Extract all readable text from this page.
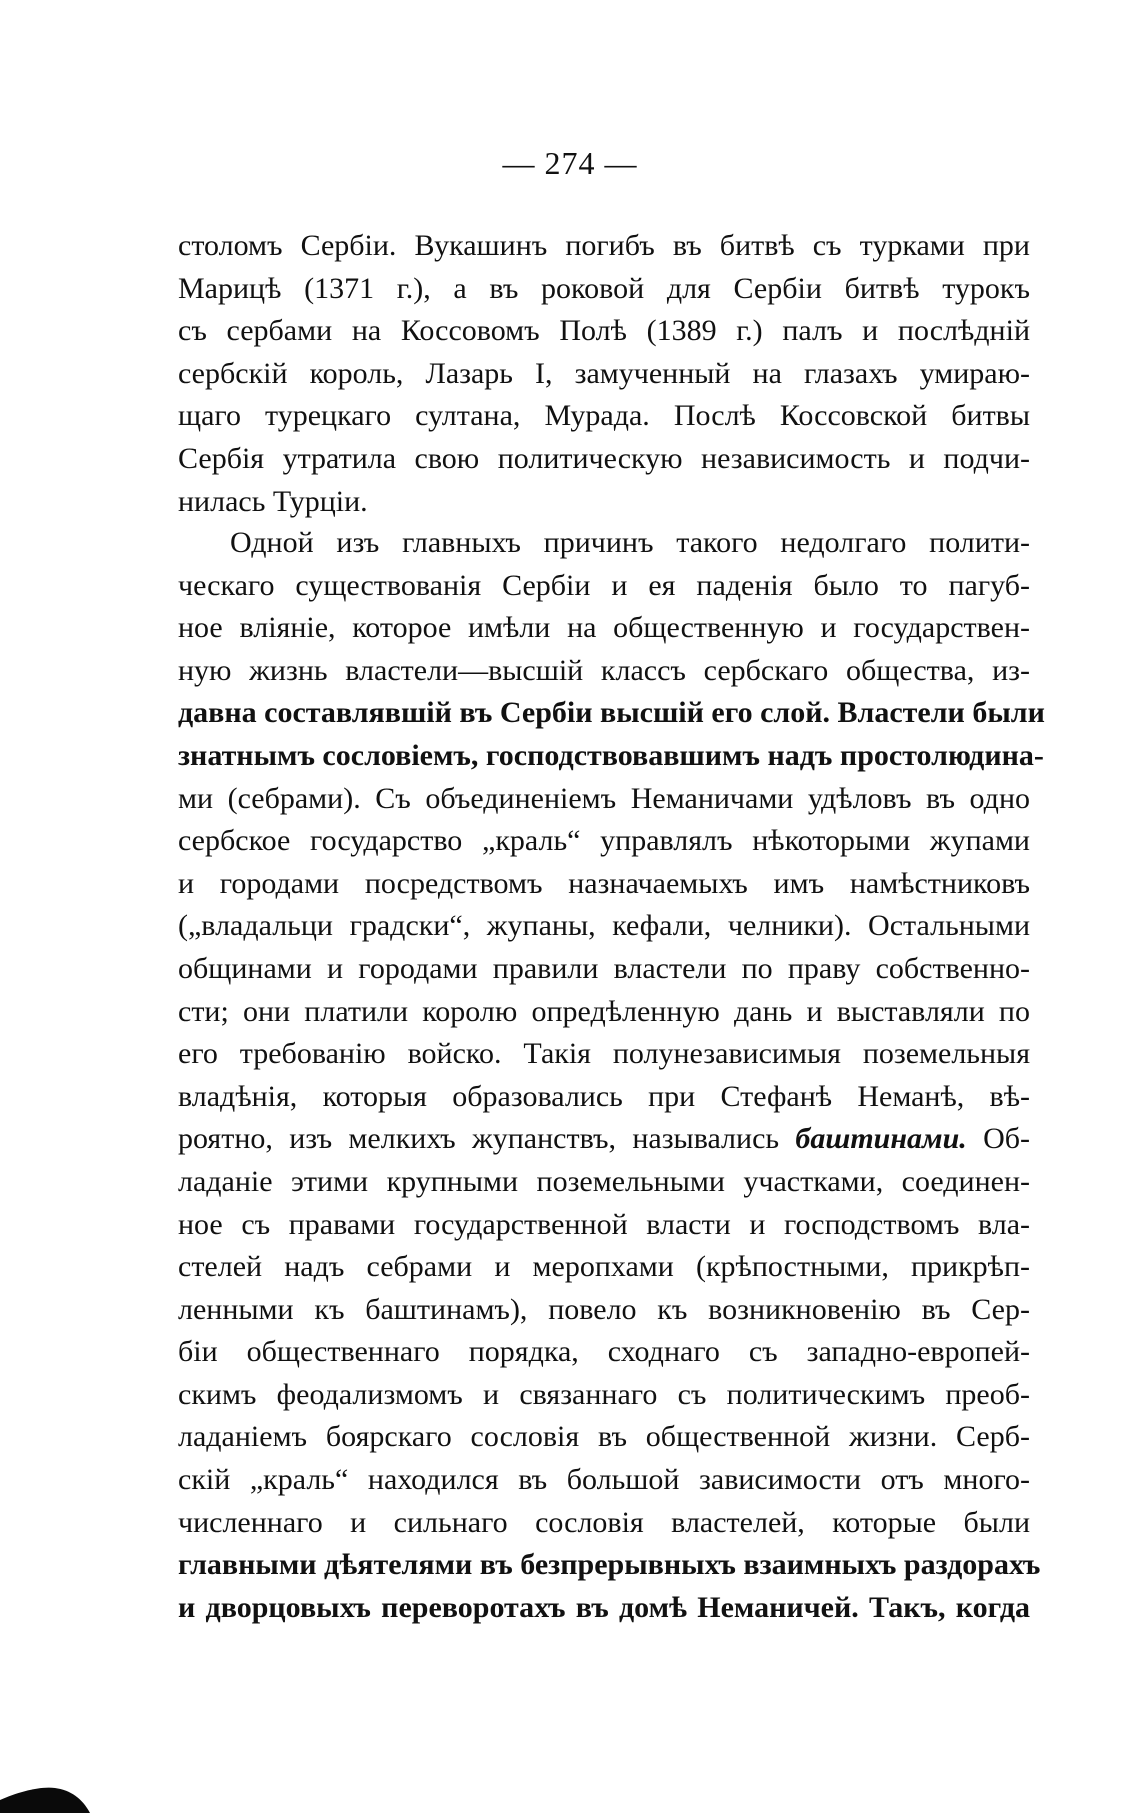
— 274 —
столомъ Сербіи. Вукашинъ погибъ въ битвѣ съ турками при
Марицѣ (1371 г.), а въ роковой для Сербіи битвѣ турокъ
съ сербами на Коссовомъ Полѣ (1389 г.) палъ и послѣдній
сербскій король, Лазарь I, замученный на глазахъ умираю-
щаго турецкаго султана, Мурада. Послѣ Коссовской битвы
Сербія утратила свою политическую независимость и подчи-
нилась Турціи.
Одной изъ главныхъ причинъ такого недолгаго полити-
ческаго существованія Сербіи и ея паденія было то пагуб-
ное вліяніе, которое имѣли на общественную и государствен-
ную жизнь властели—высшій классъ сербскаго общества, из-
давна составлявшій въ Сербіи высшій его слой. Властели были
знатнымъ сословіемъ, господствовавшимъ надъ простолюдина-
ми (себрами). Съ объединеніемъ Неманичами удѣловъ въ одно
сербское государство „краль“ управлялъ нѣкоторыми жупами
и городами посредствомъ назначаемыхъ имъ намѣстниковъ
(„владальци градски“, жупаны, кефали, челники). Остальными
общинами и городами правили властели по праву собственно-
сти; они платили королю опредѣленную дань и выставляли по
его требованію войско. Такія полунезависимыя поземельныя
владѣнія, которыя образовались при Стефанѣ Неманѣ, вѣ-
роятно, изъ мелкихъ жупанствъ, назывались баштинами. Об-
ладаніе этими крупными поземельными участками, соединен-
ное съ правами государственной власти и господствомъ вла-
стелей надъ себрами и меропхами (крѣпостными, прикрѣп-
ленными къ баштинамъ), повело къ возникновенію въ Сер-
біи общественнаго порядка, сходнаго съ западно-европей-
скимъ феодализмомъ и связаннаго съ политическимъ преоб-
ладаніемъ боярскаго сословія въ общественной жизни. Серб-
скій „краль“ находился въ большой зависимости отъ много-
численнаго и сильнаго сословія властелей, которые были
главными дѣятелями въ безпрерывныхъ взаимныхъ раздорахъ
и дворцовыхъ переворотахъ въ домѣ Неманичей. Такъ, когда
